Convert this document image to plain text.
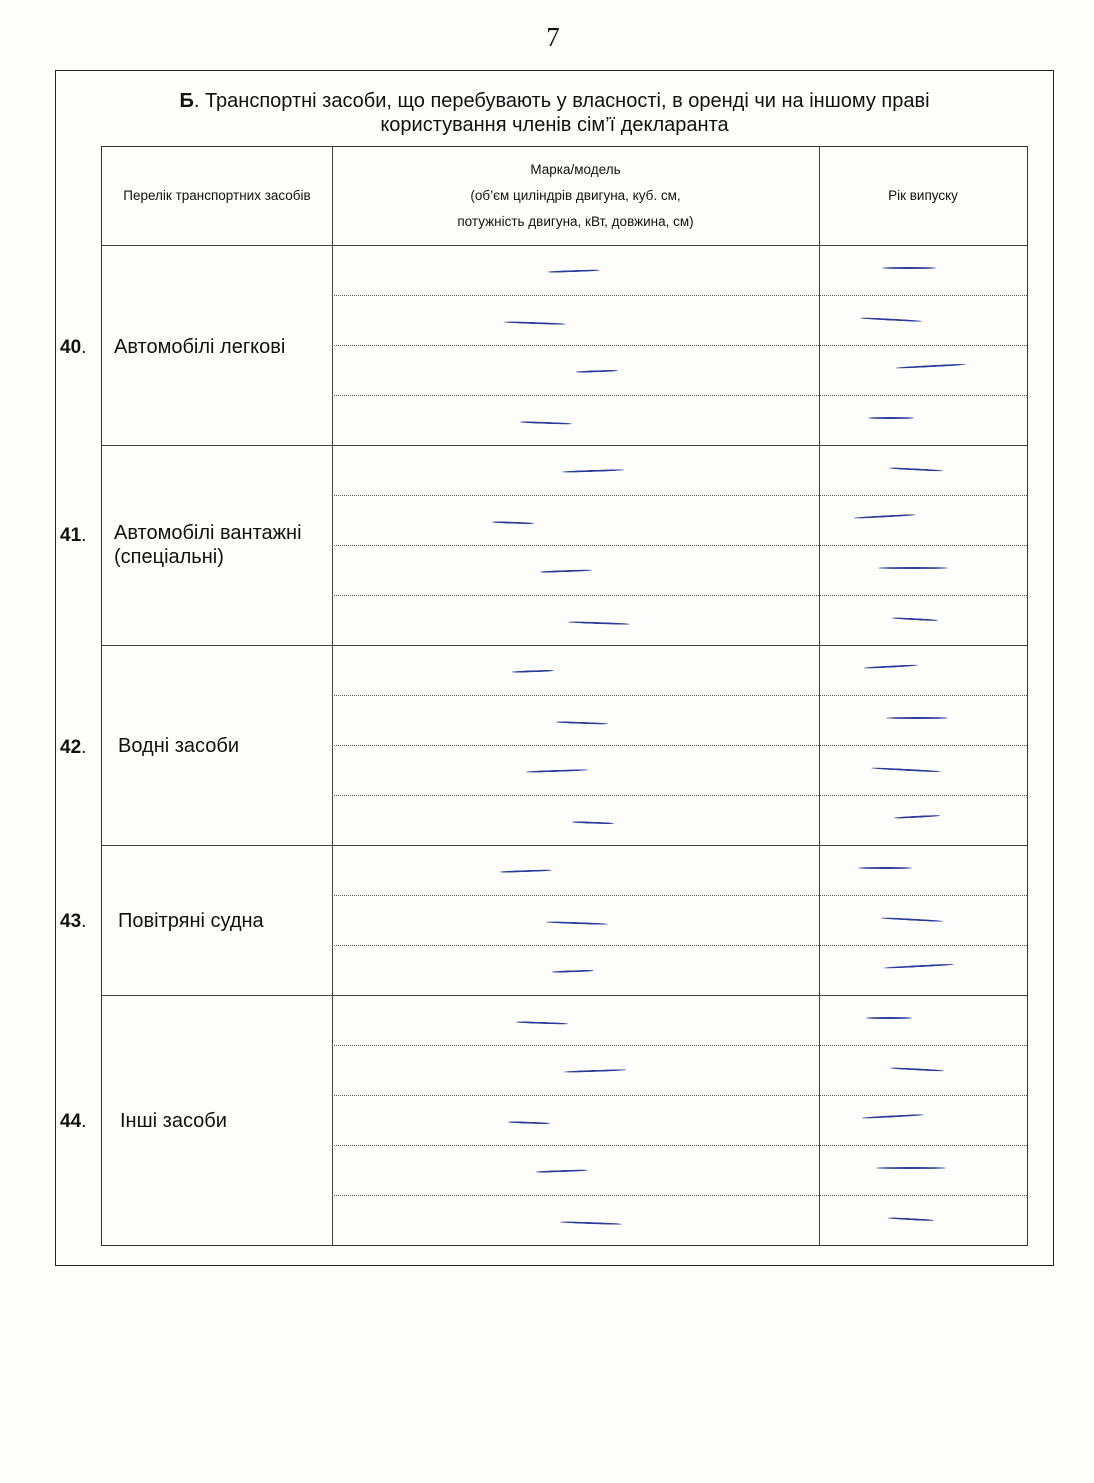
7
Б. Транспортні засоби, що перебувають у власності, в оренді чи на іншому праві
користування членів сім’ї декларанта
Перелік транспортних засобів
Марка/модель
(об’єм циліндрів двигуна, куб. см,
потужність двигуна, кВт, довжина, см)
Рік випуску
40. Автомобілі легкові
41. Автомобілі вантажні
(спеціальні)
42. Водні засоби
43. Повітряні судна
44. Інші засоби
